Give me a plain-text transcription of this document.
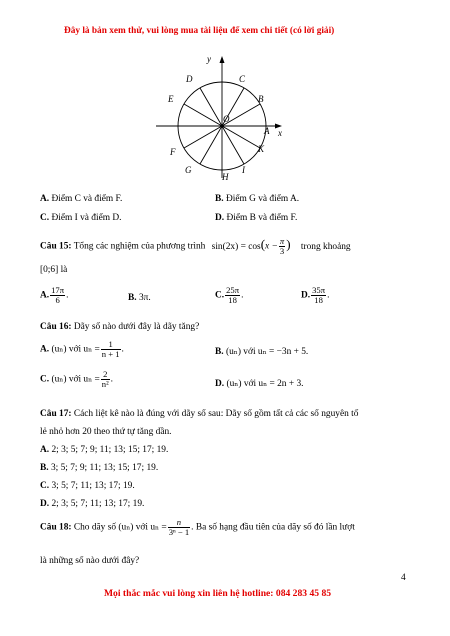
Đây là bản xem thử, vui lòng mua tài liệu để xem chi tiết (có lời giải)
y
x
O
A
B
C
D
E
F
G
H
I
K
A. Điểm C và điểm F.	B. Điểm G và điểm A.
C. Điểm I và điểm D.	D. Điểm B và điểm F.
Câu 15: Tổng các nghiệm của phương trình $\sin(2x) = \cos(x - \frac{\pi}{3}$ ) trong khoảng
[0;6] là
A. $\frac{17\pi}{6}$ .	B. 3π.	C. $\frac{25\pi}{18}$ .	D. $\frac{35\pi}{18}$ .
Câu 16: Dãy số nào dưới đây là dãy tăng?
A. (uₙ) với $u_n = \frac{1}{n + 1}$ .	B. (uₙ) với uₙ = −3n + 5.
C. (uₙ) với $u_n = \frac{2}{\text{n²}}$ .	D. (uₙ) với uₙ = 2n + 3.
Câu 17: Cách liệt kê nào là đúng với dãy số sau: Dãy số gồm tất cả các số nguyên tố
lẻ nhỏ hơn 20 theo thứ tự tăng dần.
A. 2; 3; 5; 7; 9; 11; 13; 15; 17; 19.
B. 3; 5; 7; 9; 11; 13; 15; 17; 19.
C. 3; 5; 7; 11; 13; 17; 19.
D. 2; 3; 5; 7; 11; 13; 17; 19.
Câu 18: Cho dãy số (uₙ) với $u_n = \frac{n}{\text{3ⁿ − 1}}$ . Ba số hạng đầu tiên của dãy số đó lần lượt
là những số nào dưới đây?
4
Mọi thắc mắc vui lòng xin liên hệ hotline: 084 283 45 85
